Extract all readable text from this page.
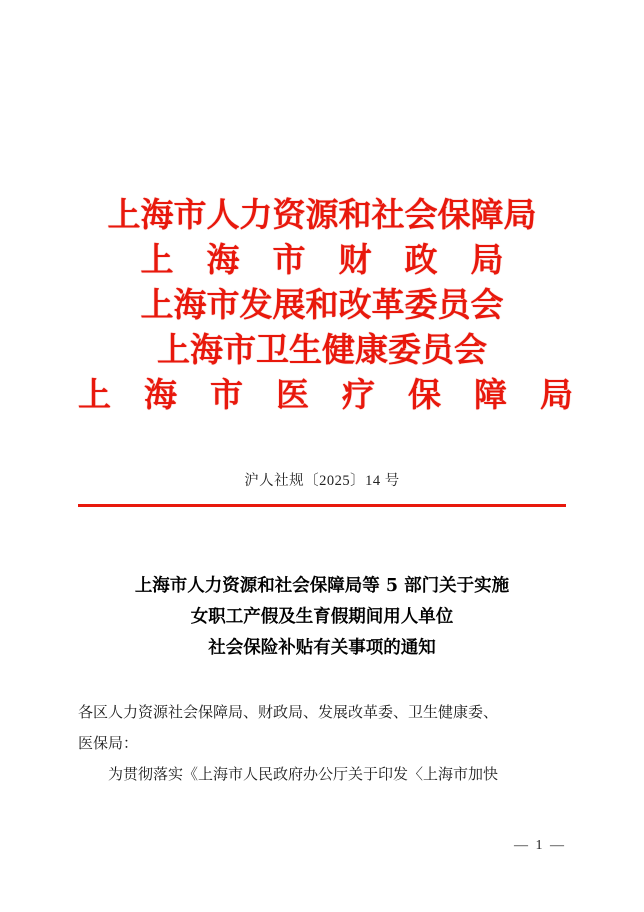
上海市人力资源和社会保障局
上　海　市　财　政　局
上海市发展和改革委员会
上海市卫生健康委员会
上　海　市　医　疗　保　障　局
沪人社规〔2025〕14 号
上海市人力资源和社会保障局等 5 部门关于实施
女职工产假及生育假期间用人单位
社会保险补贴有关事项的通知

各区人力资源社会保障局、财政局、发展改革委、卫生健康委、

医保局：

为贯彻落实《上海市人民政府办公厅关于印发〈上海市加快

— 1 —
